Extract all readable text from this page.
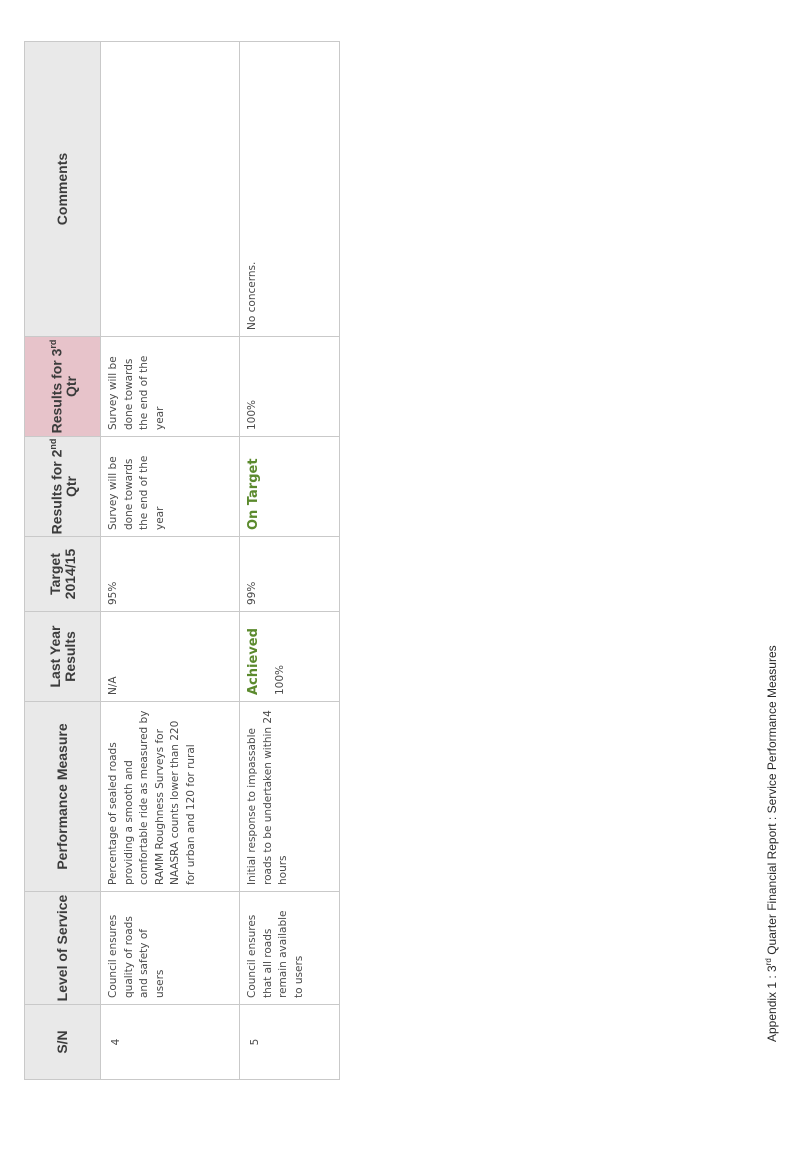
S/N	Level of Service	Performance Measure	Last Year Results	Target 2014/15	Results for 2nd Qtr	Results for 3rd Qtr	Comments

4	Council ensures quality of roads and safety of users	Percentage of sealed roads providing a smooth and comfortable ride as measured by RAMM Roughness Surveys for NAASRA counts lower than 220 for urban and 120 for rural	N/A	95%	Survey will be done towards the end of the year	Survey will be done towards the end of the year	

5	Council ensures that all roads remain available to users	Initial response to impassable roads to be undertaken within 24 hours	Achieved 100%	99%	On Target	100%	No concerns.
Appendix 1 : 3rd Quarter Financial Report : Service Performance Measures
